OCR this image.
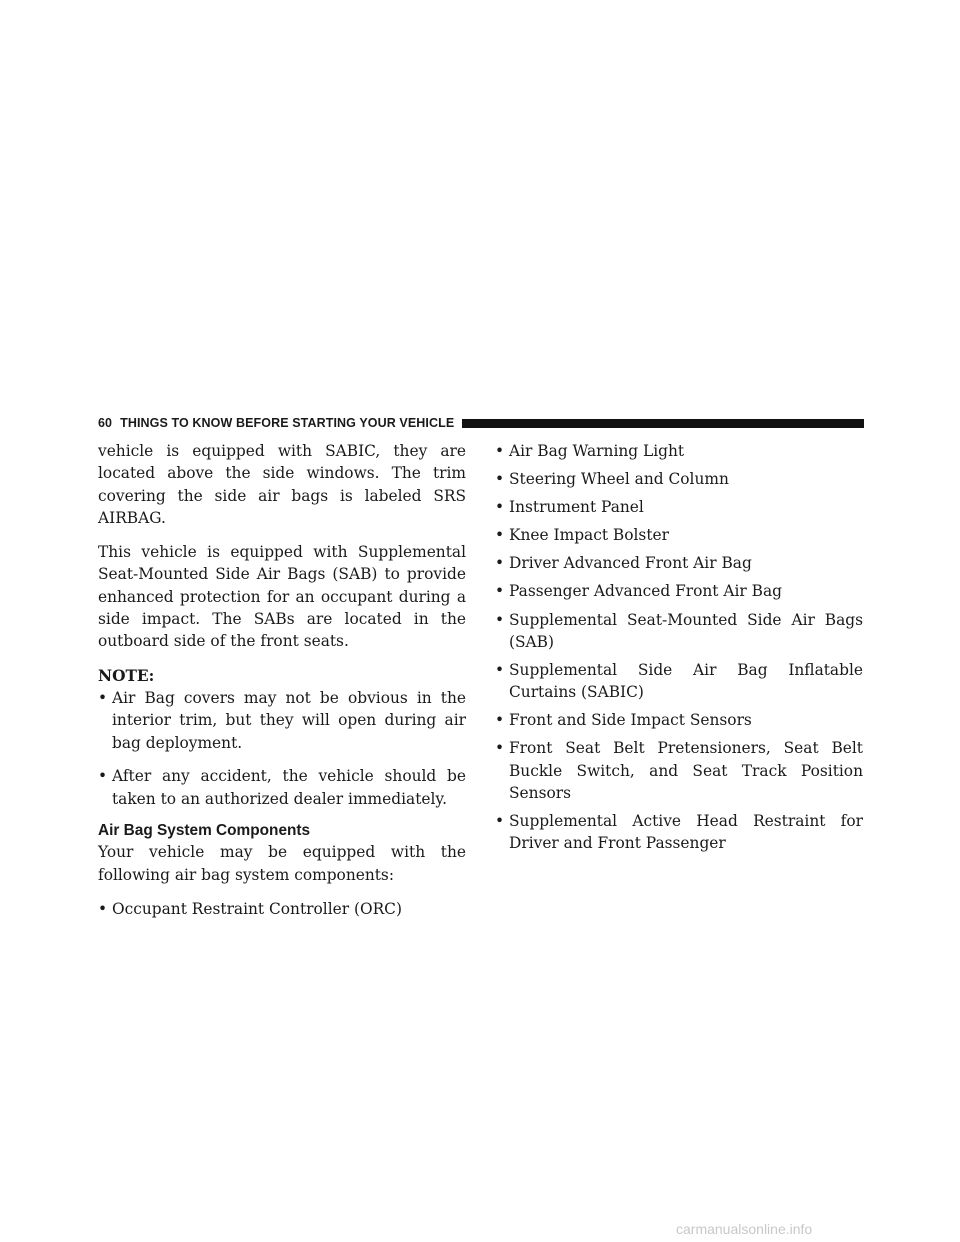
60 THINGS TO KNOW BEFORE STARTING YOUR VEHICLE

vehicle is equipped with SABIC, they are located above the side windows. The trim covering the side air bags is labeled SRS AIRBAG.

This vehicle is equipped with Supplemental Seat-Mounted Side Air Bags (SAB) to provide enhanced protection for an occupant during a side impact. The SABs are located in the outboard side of the front seats.

NOTE:

• Air Bag covers may not be obvious in the interior trim, but they will open during air bag deployment.
• After any accident, the vehicle should be taken to an authorized dealer immediately.
Air Bag System Components

Your vehicle may be equipped with the following air bag system components:

• Occupant Restraint Controller (ORC)
• Air Bag Warning Light
• Steering Wheel and Column
• Instrument Panel
• Knee Impact Bolster
• Driver Advanced Front Air Bag
• Passenger Advanced Front Air Bag
• Supplemental Seat-Mounted Side Air Bags (SAB)
• Supplemental Side Air Bag Inflatable Curtains (SABIC)
• Front and Side Impact Sensors
• Front Seat Belt Pretensioners, Seat Belt Buckle Switch, and Seat Track Position Sensors
• Supplemental Active Head Restraint for Driver and Front Passenger
carmanualsonline.info
